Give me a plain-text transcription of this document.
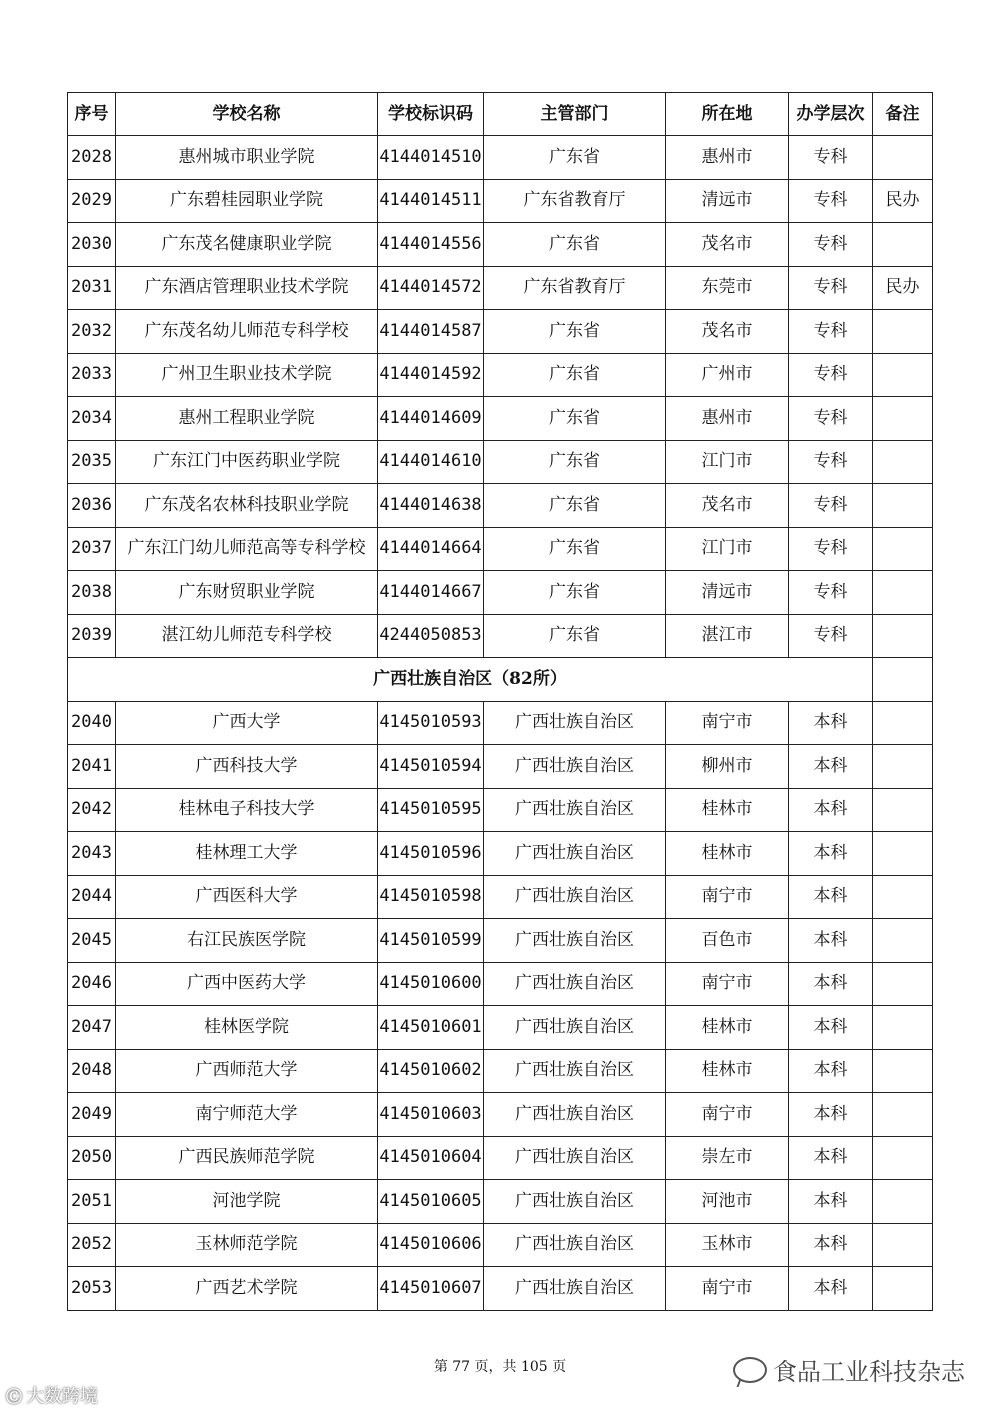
序号	学校名称	学校标识码	主管部门	所在地	办学层次	备注
2028	惠州城市职业学院	4144014510	广东省	惠州市	专科	
2029	广东碧桂园职业学院	4144014511	广东省教育厅	清远市	专科	民办
2030	广东茂名健康职业学院	4144014556	广东省	茂名市	专科	
2031	广东酒店管理职业技术学院	4144014572	广东省教育厅	东莞市	专科	民办
2032	广东茂名幼儿师范专科学校	4144014587	广东省	茂名市	专科	
2033	广州卫生职业技术学院	4144014592	广东省	广州市	专科	
2034	惠州工程职业学院	4144014609	广东省	惠州市	专科	
2035	广东江门中医药职业学院	4144014610	广东省	江门市	专科	
2036	广东茂名农林科技职业学院	4144014638	广东省	茂名市	专科	
2037	广东江门幼儿师范高等专科学校	4144014664	广东省	江门市	专科	
2038	广东财贸职业学院	4144014667	广东省	清远市	专科	
2039	湛江幼儿师范专科学校	4244050853	广东省	湛江市	专科	
广西壮族自治区（82所）						
2040	广西大学	4145010593	广西壮族自治区	南宁市	本科	
2041	广西科技大学	4145010594	广西壮族自治区	柳州市	本科	
2042	桂林电子科技大学	4145010595	广西壮族自治区	桂林市	本科	
2043	桂林理工大学	4145010596	广西壮族自治区	桂林市	本科	
2044	广西医科大学	4145010598	广西壮族自治区	南宁市	本科	
2045	右江民族医学院	4145010599	广西壮族自治区	百色市	本科	
2046	广西中医药大学	4145010600	广西壮族自治区	南宁市	本科	
2047	桂林医学院	4145010601	广西壮族自治区	桂林市	本科	
2048	广西师范大学	4145010602	广西壮族自治区	桂林市	本科	
2049	南宁师范大学	4145010603	广西壮族自治区	南宁市	本科	
2050	广西民族师范学院	4145010604	广西壮族自治区	崇左市	本科	
2051	河池学院	4145010605	广西壮族自治区	河池市	本科	
2052	玉林师范学院	4145010606	广西壮族自治区	玉林市	本科	
2053	广西艺术学院	4145010607	广西壮族自治区	南宁市	本科	
第 77 页，共 105 页	食品工业科技杂志
Ⓒ 大数跨境
